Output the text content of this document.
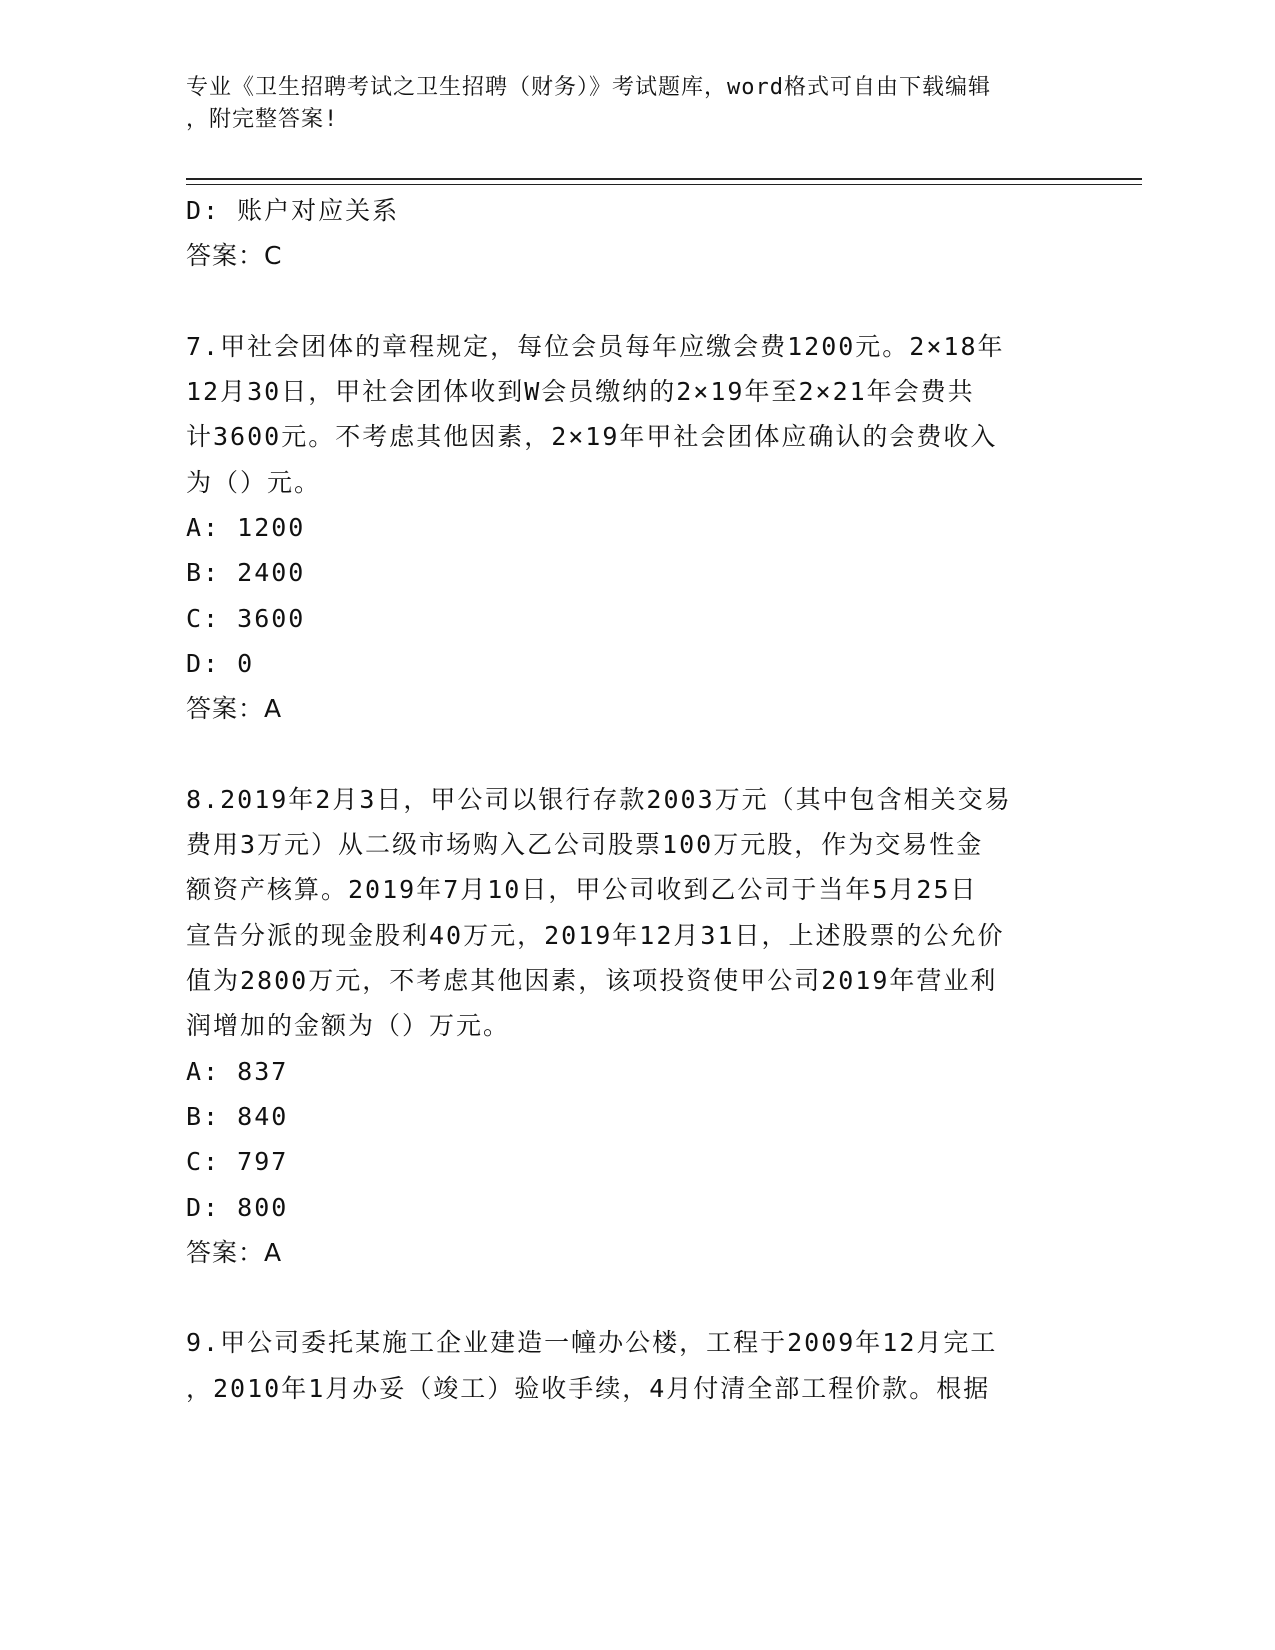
专业《卫生招聘考试之卫生招聘（财务）》考试题库，word格式可自由下载编辑
，附完整答案!
D: 账户对应关系
答案：C
7.甲社会团体的章程规定，每位会员每年应缴会费1200元。2×18年
12月30日，甲社会团体收到W会员缴纳的2×19年至2×21年会费共
计3600元。不考虑其他因素，2×19年甲社会团体应确认的会费收入
为（）元。
A: 1200
B: 2400
C: 3600
D: 0
答案：A
8.2019年2月3日，甲公司以银行存款2003万元（其中包含相关交易
费用3万元）从二级市场购入乙公司股票100万元股，作为交易性金
额资产核算。2019年7月10日，甲公司收到乙公司于当年5月25日
宣告分派的现金股利40万元，2019年12月31日，上述股票的公允价
值为2800万元，不考虑其他因素，该项投资使甲公司2019年营业利
润增加的金额为（）万元。
A: 837
B: 840
C: 797
D: 800
答案：A
9.甲公司委托某施工企业建造一幢办公楼，工程于2009年12月完工
，2010年1月办妥（竣工）验收手续，4月付清全部工程价款。根据
